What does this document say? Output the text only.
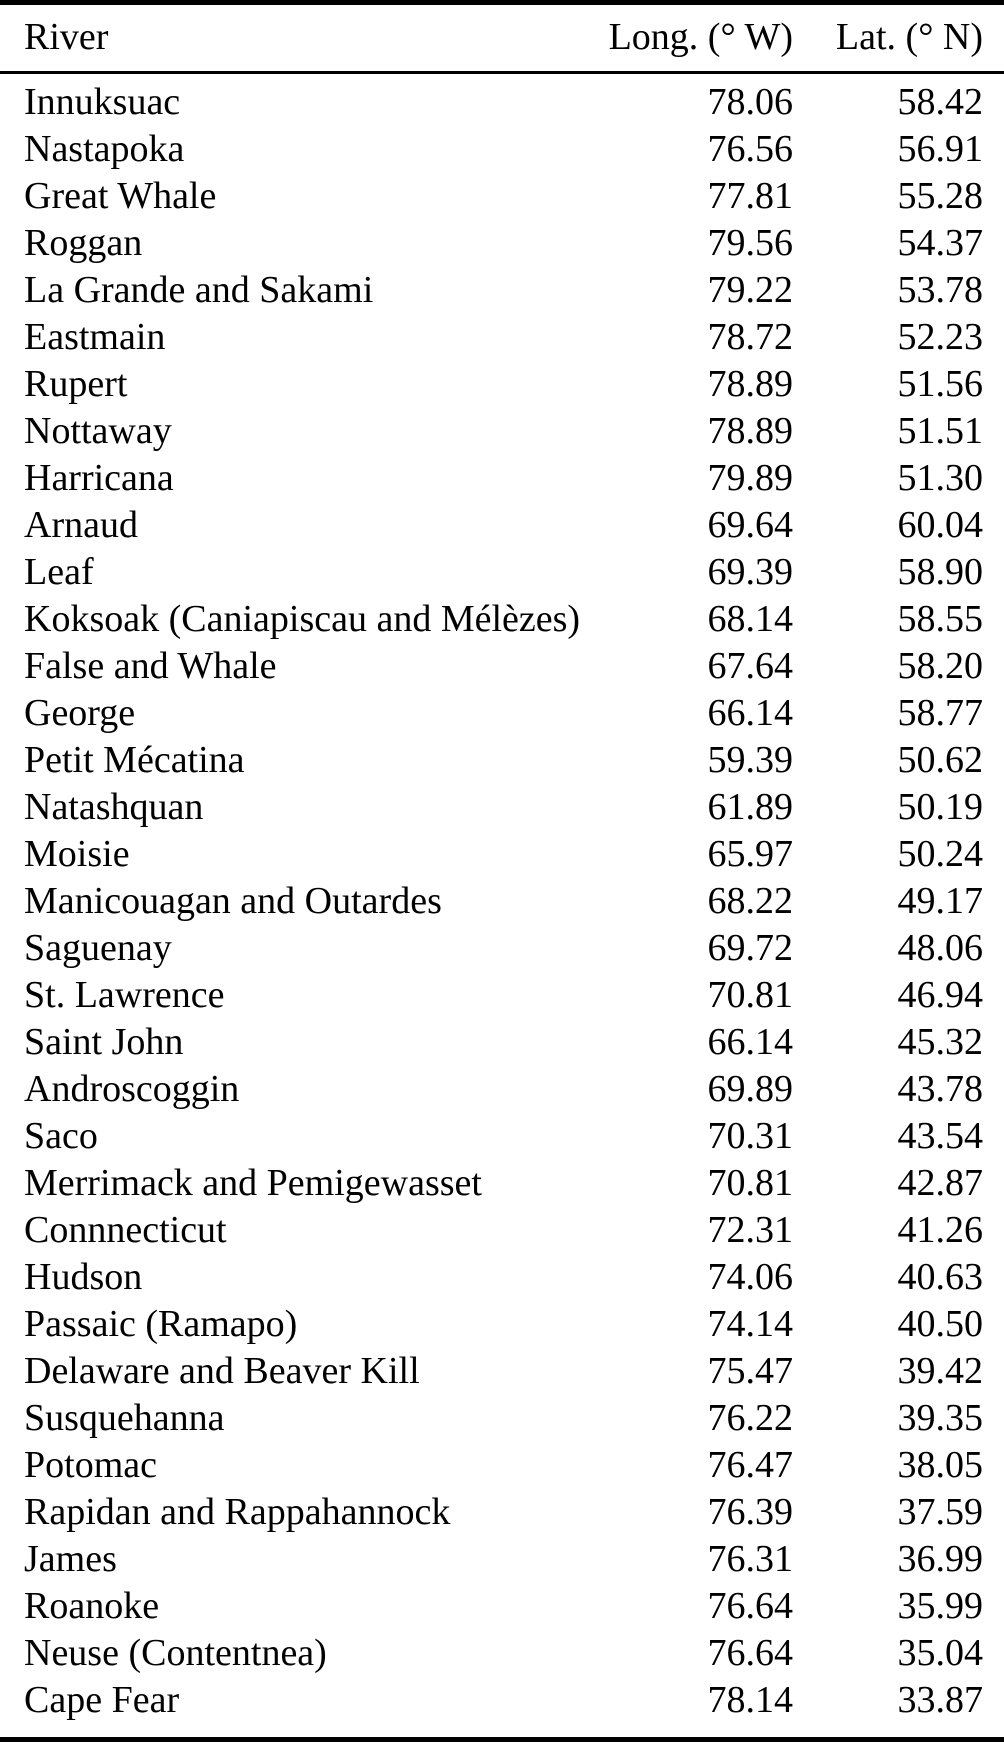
River	Long. (° W)	Lat. (° N)
Innuksuac	78.06	58.42
Nastapoka	76.56	56.91
Great Whale	77.81	55.28
Roggan	79.56	54.37
La Grande and Sakami	79.22	53.78
Eastmain	78.72	52.23
Rupert	78.89	51.56
Nottaway	78.89	51.51
Harricana	79.89	51.30
Arnaud	69.64	60.04
Leaf	69.39	58.90
Koksoak (Caniapiscau and Mélèzes)	68.14	58.55
False and Whale	67.64	58.20
George	66.14	58.77
Petit Mécatina	59.39	50.62
Natashquan	61.89	50.19
Moisie	65.97	50.24
Manicouagan and Outardes	68.22	49.17
Saguenay	69.72	48.06
St. Lawrence	70.81	46.94
Saint John	66.14	45.32
Androscoggin	69.89	43.78
Saco	70.31	43.54
Merrimack and Pemigewasset	70.81	42.87
Connnecticut	72.31	41.26
Hudson	74.06	40.63
Passaic (Ramapo)	74.14	40.50
Delaware and Beaver Kill	75.47	39.42
Susquehanna	76.22	39.35
Potomac	76.47	38.05
Rapidan and Rappahannock	76.39	37.59
James	76.31	36.99
Roanoke	76.64	35.99
Neuse (Contentnea)	76.64	35.04
Cape Fear	78.14	33.87
